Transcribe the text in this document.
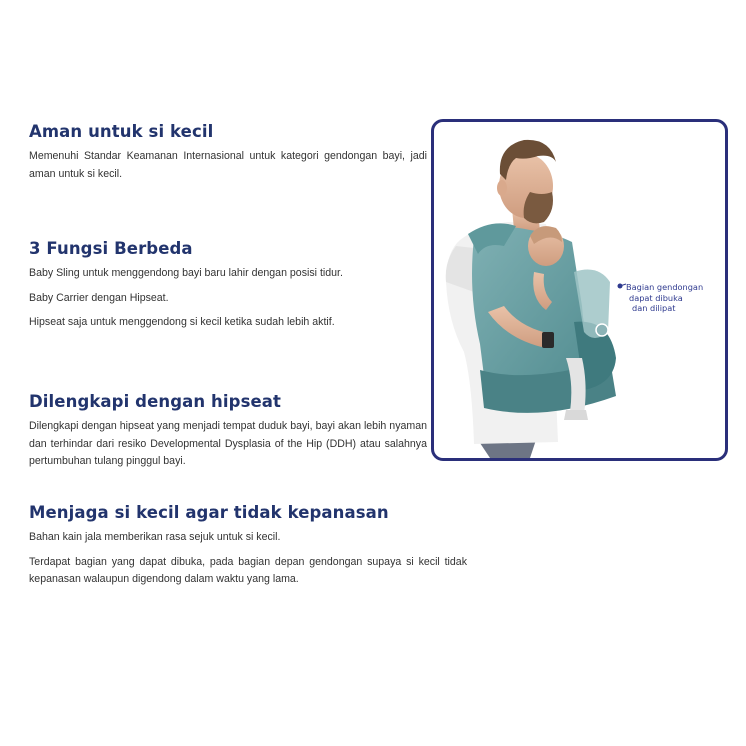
Aman untuk si kecil

Memenuhi Standar Keamanan Internasional untuk kategori gendongan bayi, jadi aman untuk si kecil.

3 Fungsi Berbeda

Baby Sling untuk menggendong bayi baru lahir dengan posisi tidur.

Baby Carrier dengan Hipseat.

Hipseat saja untuk menggendong si kecil ketika sudah lebih aktif.

Dilengkapi dengan hipseat

Dilengkapi dengan hipseat yang menjadi tempat duduk bayi, bayi akan lebih nyaman dan terhindar dari resiko Developmental Dysplasia of the Hip (DDH) atau salahnya pertumbuhan tulang pinggul bayi.

Menjaga si kecil agar tidak kepanasan

Bahan kain jala memberikan rasa sejuk untuk si kecil.

Terdapat bagian yang dapat dibuka, pada bagian depan gendongan supaya si kecil tidak kepanasan walaupun digendong dalam waktu yang lama.

Bagian gendongan
dapat dibuka
dan dilipat
